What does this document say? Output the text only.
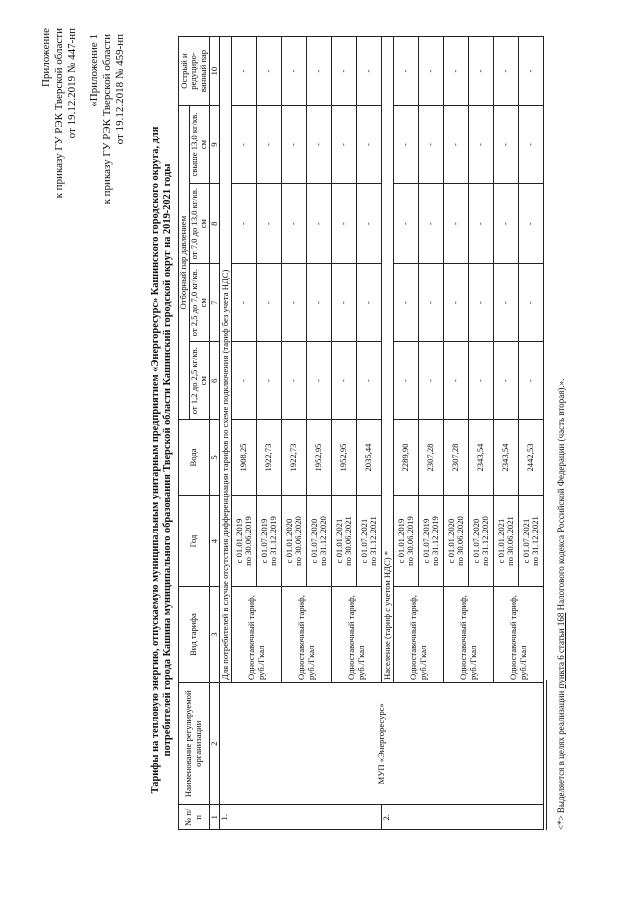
Приложение к приказу ГУ РЭК Тверской области от 19.12.2019 № 447-нп «Приложение 1 к приказу ГУ РЭК Тверской области от 19.12.2018 № 459-нп
Тарифы на тепловую энергию, отпускаемую муниципальным унитарным предприятием «Энергоресурс» Кашинского городского округа, для потребителей города Кашина муниципального образования Тверской области Кашинский городской округ на 2019-2021 годы
№ п/ п	Наименование регулируемой организации	Вид тарифа	Год	Вода	Отборный пар давлением				Острый и редуциро- ванный пар
					от 1,2 до 2,5 кг/кв. см	от 2,5 до 7,0 кг/кв. см	от 7,0 до 13,0 кг/кв. см	свыше 13,0 кг/кв. см	
1	2	3	4	5	6	7	8	9	10
1.	МУП «Энергоресурс»	Для потребителей в случае отсутствия дифференциации тарифов по схеме подключения (тариф без учета НДС)							
		Одноставочный тариф, руб./Гкал	с 01.01.2019 по 30.06.2019	1908,25	-	-	-	-	-

			с 01.07.2019 по 31.12.2019	1922,73	-	-	-	-	-
		Одноставочный тариф, руб./Гкал	с 01.01.2020 по 30.06.2020	1922,73	-	-	-	-	-

			с 01.07.2020 по 31.12.2020	1952,95	-	-	-	-	-
		Одноставочный тариф, руб./Гкал	с 01.01.2021 по 30.06.2021	1952,95	-	-	-	-	-

			с 01.07.2021 по 31.12.2021	2035,44	-	-	-	-	-
2.		Население (тариф с учетом НДС) *							
		Одноставочный тариф, руб./Гкал	с 01.01.2019 по 30.06.2019	2289,90	-	-	-	-	-

			с 01.07.2019 по 31.12.2019	2307,28	-	-	-	-	-
		Одноставочный тариф, руб./Гкал	с 01.01.2020 по 30.06.2020	2307,28	-	-	-	-	-

			с 01.07.2020 по 31.12.2020	2343,54	-	-	-	-	-
		Одноставочный тариф, руб./Гкал	с 01.01.2021 по 30.06.2021	2343,54	-	-	-	-	-

			с 01.07.2021 по 31.12.2021	2442,53	-	-	-	-	-
<*> Выделяется в целях реализации пункта 6 статьи 168 Налогового кодекса Российской Федерации (часть вторая).».
